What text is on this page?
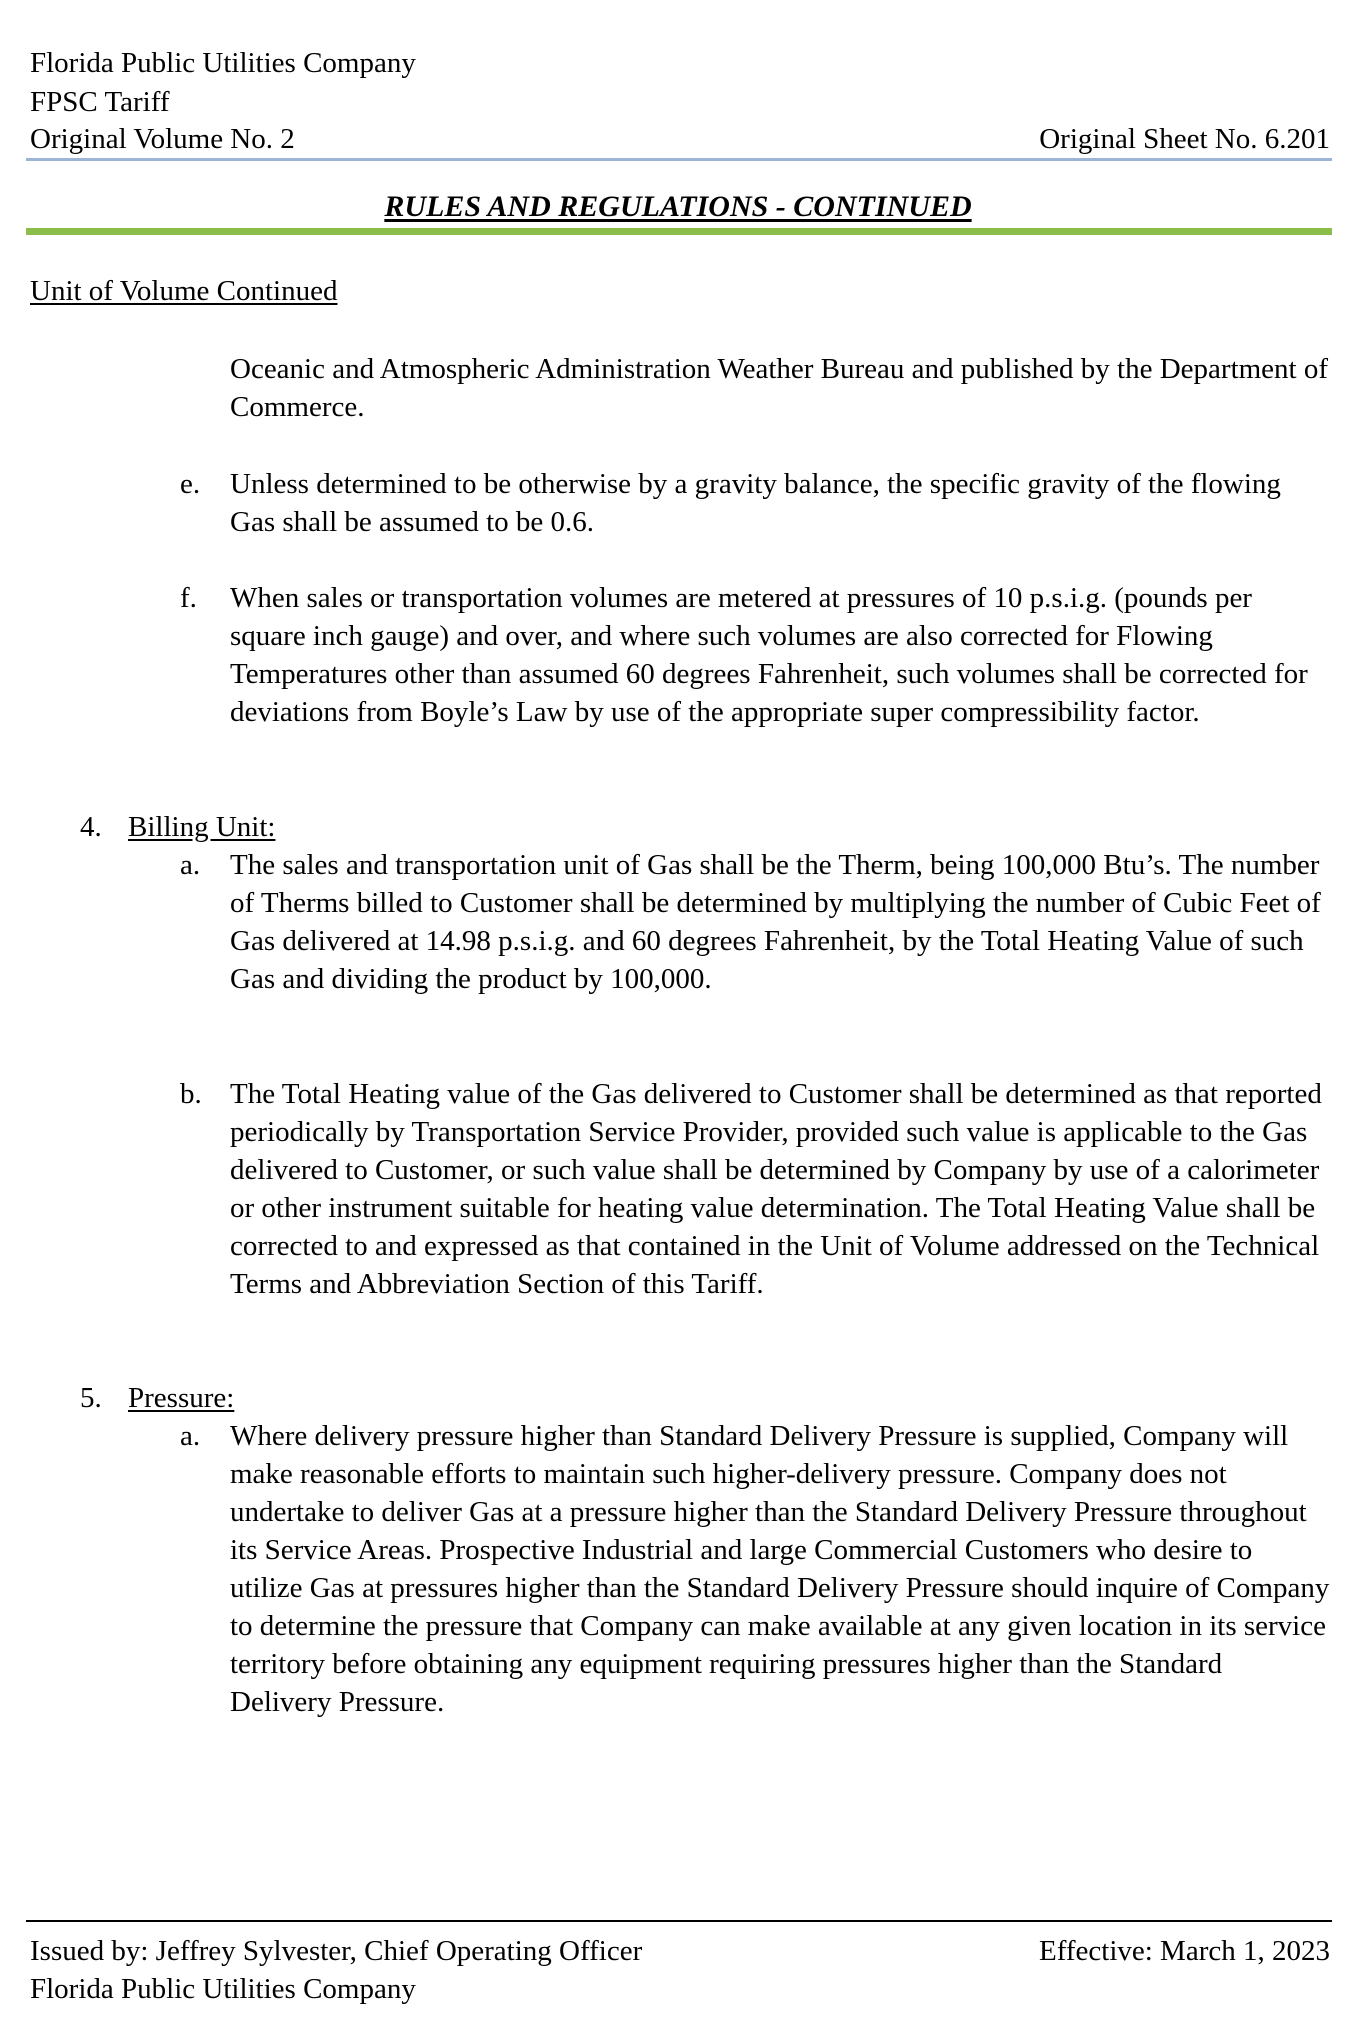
Florida Public Utilities Company
FPSC Tariff
Original Volume No. 2	Original Sheet No. 6.201
RULES AND REGULATIONS - CONTINUED
Unit of Volume Continued

Oceanic and Atmospheric Administration Weather Bureau and published by the Department of Commerce.

e. Unless determined to be otherwise by a gravity balance, the specific gravity of the flowing Gas shall be assumed to be 0.6.

f. When sales or transportation volumes are metered at pressures of 10 p.s.i.g. (pounds per square inch gauge) and over, and where such volumes are also corrected for Flowing Temperatures other than assumed 60 degrees Fahrenheit, such volumes shall be corrected for deviations from Boyle’s Law by use of the appropriate super compressibility factor.

4. Billing Unit:
a. The sales and transportation unit of Gas shall be the Therm, being 100,000 Btu’s. The number of Therms billed to Customer shall be determined by multiplying the number of Cubic Feet of Gas delivered at 14.98 p.s.i.g. and 60 degrees Fahrenheit, by the Total Heating Value of such Gas and dividing the product by 100,000.

b. The Total Heating value of the Gas delivered to Customer shall be determined as that reported periodically by Transportation Service Provider, provided such value is applicable to the Gas delivered to Customer, or such value shall be determined by Company by use of a calorimeter or other instrument suitable for heating value determination. The Total Heating Value shall be corrected to and expressed as that contained in the Unit of Volume addressed on the Technical Terms and Abbreviation Section of this Tariff.

5. Pressure:
a. Where delivery pressure higher than Standard Delivery Pressure is supplied, Company will make reasonable efforts to maintain such higher-delivery pressure. Company does not undertake to deliver Gas at a pressure higher than the Standard Delivery Pressure throughout its Service Areas. Prospective Industrial and large Commercial Customers who desire to utilize Gas at pressures higher than the Standard Delivery Pressure should inquire of Company to determine the pressure that Company can make available at any given location in its service territory before obtaining any equipment requiring pressures higher than the Standard Delivery Pressure.

Issued by: Jeffrey Sylvester, Chief Operating Officer	Effective: March 1, 2023
Florida Public Utilities Company
